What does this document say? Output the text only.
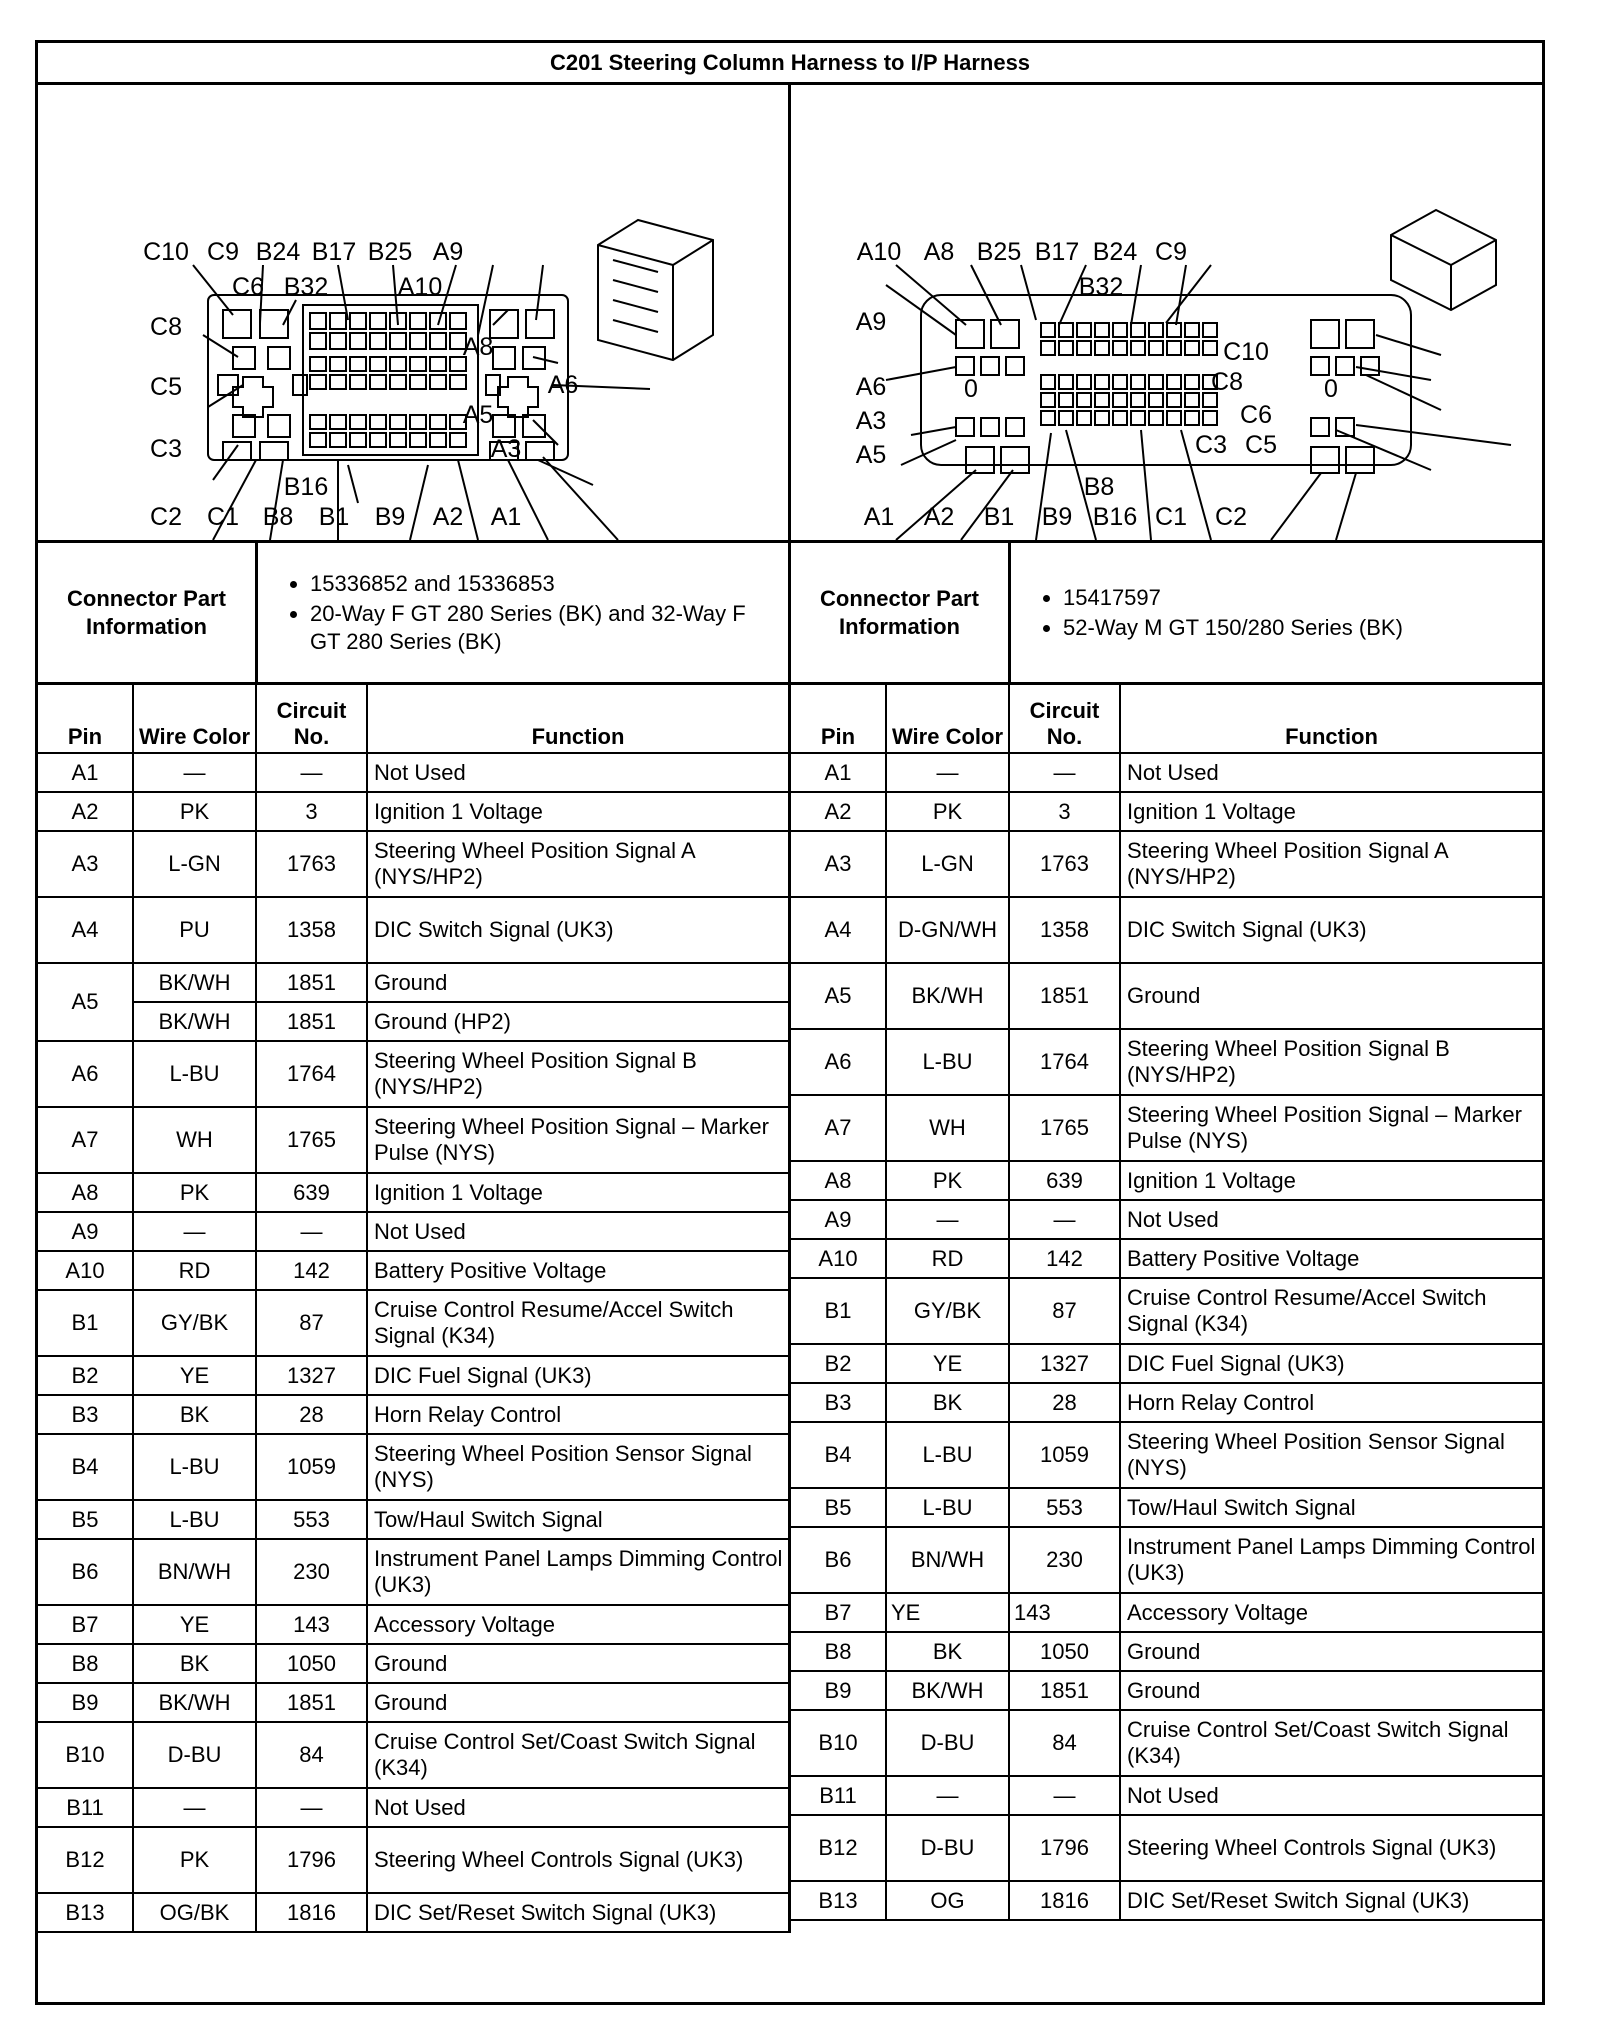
C201 Steering Column Harness to I/P Harness
C10 C9 B24 B17 B25 A9
C6 B32	A10
C8
A8
A6
C5
A5
C3	A3
B16
C2 C1 B8 B1 B9 A2 A1
A10 A8 B25 B17 B24 C9
B32
A9
C10
A6	C8
C6
A3
C5
A5	C3
B8
A1 A2 B1 B9 B16 C1 C2
0	0
Connector Part Information
• 15336852 and 15336853
• 20-Way F GT 280 Series (BK) and 32-Way F GT 280 Series (BK)
Connector Part Information
• 15417597
• 52-Way M GT 150/280 Series (BK)
Pin	Wire Color	Circuit No.	Function
A1	—	—	Not Used
A2	PK	3	Ignition 1 Voltage
A3	L-GN	1763	Steering Wheel Position Signal A (NYS/HP2)
A4	PU	1358	DIC Switch Signal (UK3)
A5	BK/WH	1851	Ground
	BK/WH	1851	Ground (HP2)
A6	L-BU	1764	Steering Wheel Position Signal B (NYS/HP2)
A7	WH	1765	Steering Wheel Position Signal – Marker Pulse (NYS)
A8	PK	639	Ignition 1 Voltage
A9	—	—	Not Used
A10	RD	142	Battery Positive Voltage
B1	GY/BK	87	Cruise Control Resume/Accel Switch Signal (K34)
B2	YE	1327	DIC Fuel Signal (UK3)
B3	BK	28	Horn Relay Control
B4	L-BU	1059	Steering Wheel Position Sensor Signal (NYS)
B5	L-BU	553	Tow/Haul Switch Signal
B6	BN/WH	230	Instrument Panel Lamps Dimming Control (UK3)
B7	YE	143	Accessory Voltage
B8	BK	1050	Ground
B9	BK/WH	1851	Ground
B10	D-BU	84	Cruise Control Set/Coast Switch Signal (K34)
B11	—	—	Not Used
B12	PK	1796	Steering Wheel Controls Signal (UK3)
B13	OG/BK	1816	DIC Set/Reset Switch Signal (UK3)
Pin	Wire Color	Circuit No.	Function
A1	—	—	Not Used
A2	PK	3	Ignition 1 Voltage
A3	L-GN	1763	Steering Wheel Position Signal A (NYS/HP2)
A4	D-GN/WH	1358	DIC Switch Signal (UK3)
A5	BK/WH	1851	Ground
A6	L-BU	1764	Steering Wheel Position Signal B (NYS/HP2)
A7	WH	1765	Steering Wheel Position Signal – Marker Pulse (NYS)
A8	PK	639	Ignition 1 Voltage
A9	—	—	Not Used
A10	RD	142	Battery Positive Voltage
B1	GY/BK	87	Cruise Control Resume/Accel Switch Signal (K34)
B2	YE	1327	DIC Fuel Signal (UK3)
B3	BK	28	Horn Relay Control
B4	L-BU	1059	Steering Wheel Position Sensor Signal (NYS)
B5	L-BU	553	Tow/Haul Switch Signal
B6	BN/WH	230	Instrument Panel Lamps Dimming Control (UK3)
B7	YE	143	Accessory Voltage
B8	BK	1050	Ground
B9	BK/WH	1851	Ground
B10	D-BU	84	Cruise Control Set/Coast Switch Signal (K34)
B11	—	—	Not Used
B12	D-BU	1796	Steering Wheel Controls Signal (UK3)
B13	OG	1816	DIC Set/Reset Switch Signal (UK3)
